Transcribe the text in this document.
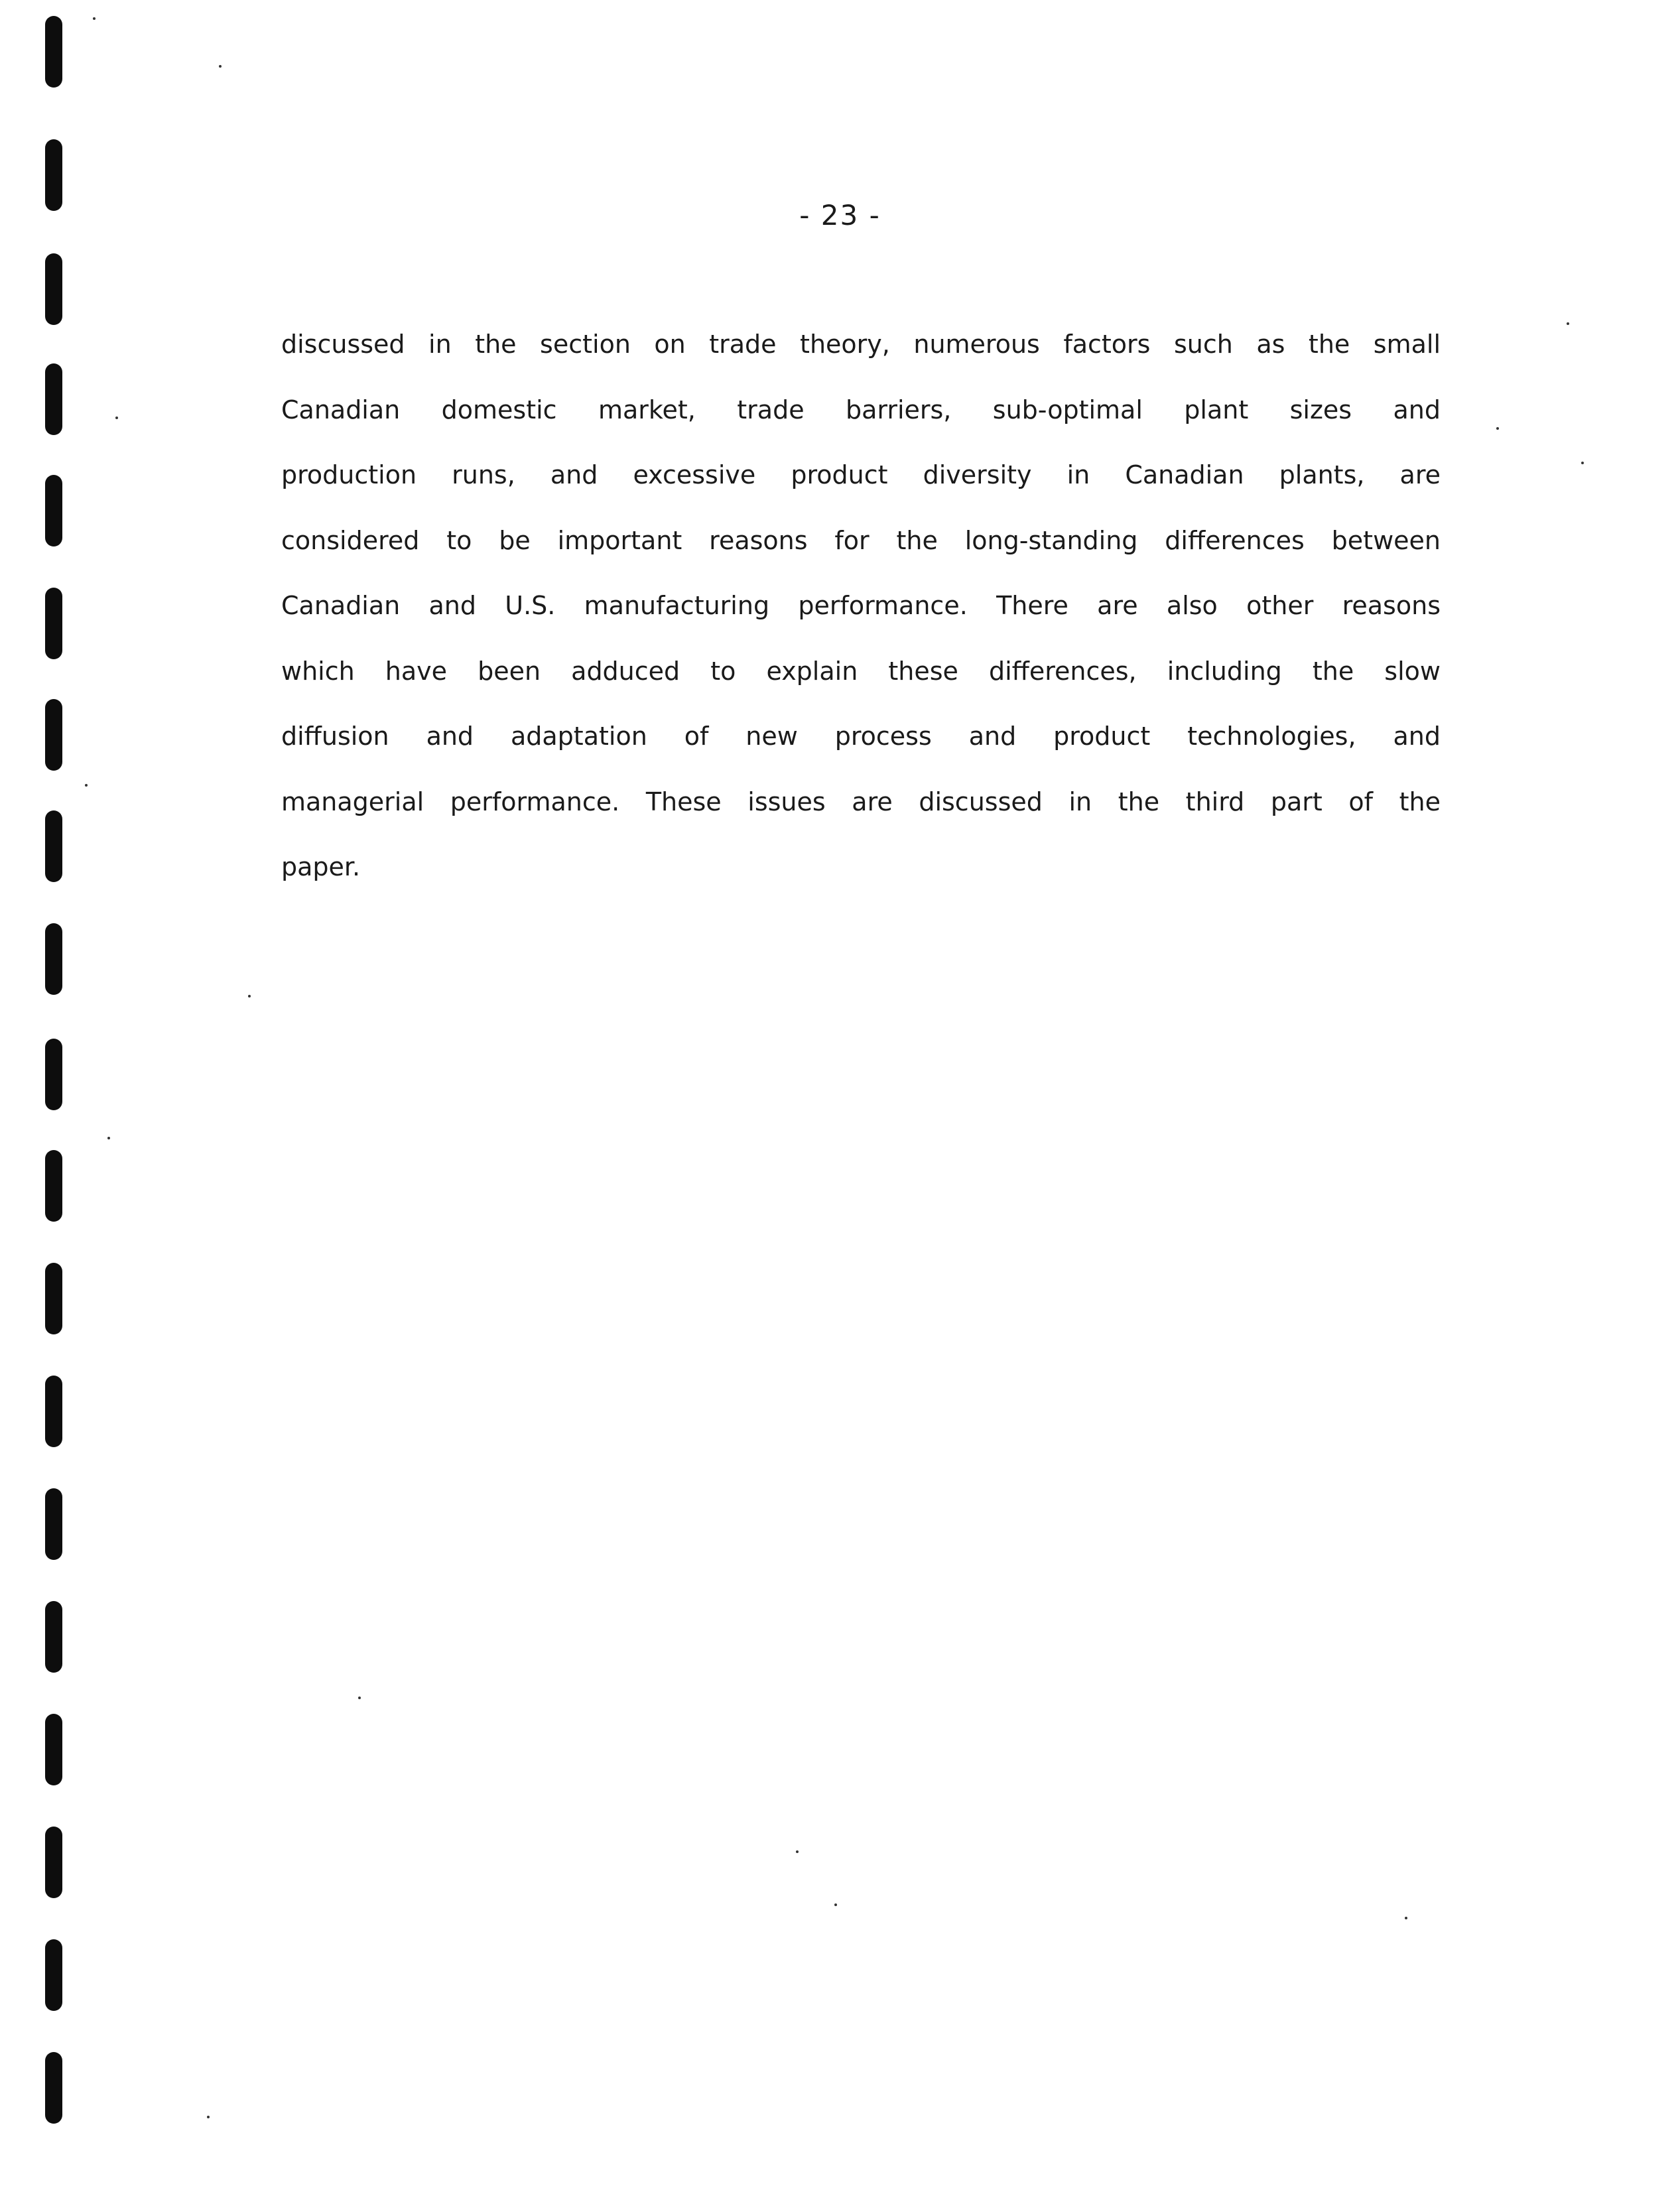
- 23 -

discussed in the section on trade theory, numerous factors such as the small
Canadian domestic market, trade barriers, sub-optimal plant sizes and
production runs, and excessive product diversity in Canadian plants, are
considered to be important reasons for the long-standing differences between
Canadian and U.S. manufacturing performance. There are also other reasons
which have been adduced to explain these differences, including the slow
diffusion and adaptation of new process and product technologies, and
managerial performance. These issues are discussed in the third part of the
paper.
